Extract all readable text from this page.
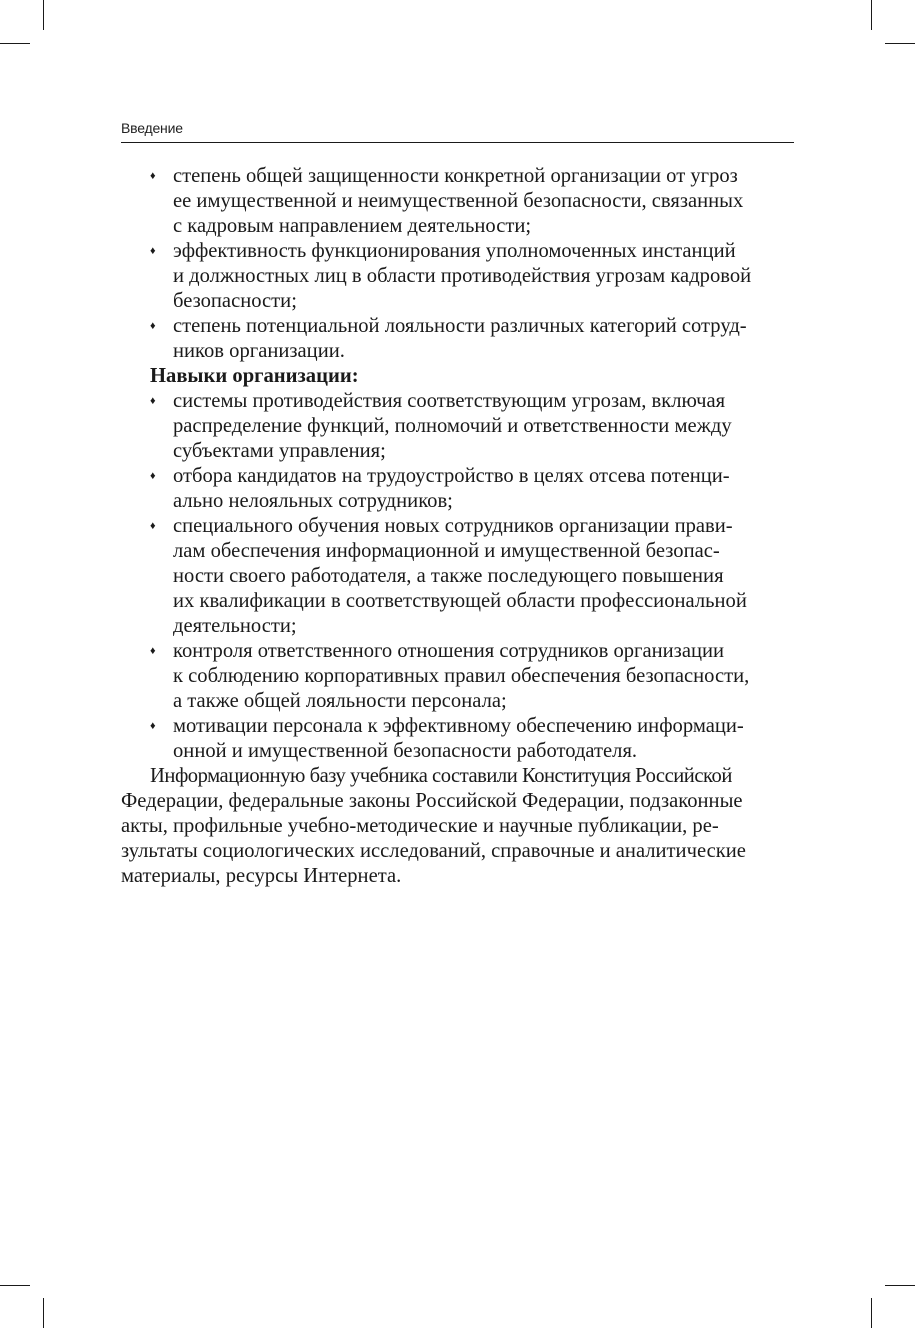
Введение
♦ степень общей защищенности конкретной организации от угроз
ее имущественной и неимущественной безопасности, связанных
с кадровым направлением деятельности;
♦ эффективность функционирования уполномоченных инстанций
и должностных лиц в области противодействия угрозам кадровой
безопасности;
♦ степень потенциальной лояльности различных категорий сотруд-
ников организации.
Навыки организации:
♦ системы противодействия соответствующим угрозам, включая
распределение функций, полномочий и ответственности между
субъектами управления;
♦ отбора кандидатов на трудоустройство в целях отсева потенци-
ально нелояльных сотрудников;
♦ специального обучения новых сотрудников организации прави-
лам обеспечения информационной и имущественной безопас-
ности своего работодателя, а также последующего повышения
их квалификации в соответствующей области профессиональной
деятельности;
♦ контроля ответственного отношения сотрудников организации
к соблюдению корпоративных правил обеспечения безопасности,
а также общей лояльности персонала;
♦ мотивации персонала к эффективному обеспечению информаци-
онной и имущественной безопасности работодателя.
Информационную базу учебника составили Конституция Российской
Федерации, федеральные законы Российской Федерации, подзаконные
акты, профильные учебно-методические и научные публикации, ре-
зультаты социологических исследований, справочные и аналитические
материалы, ресурсы Интернета.
